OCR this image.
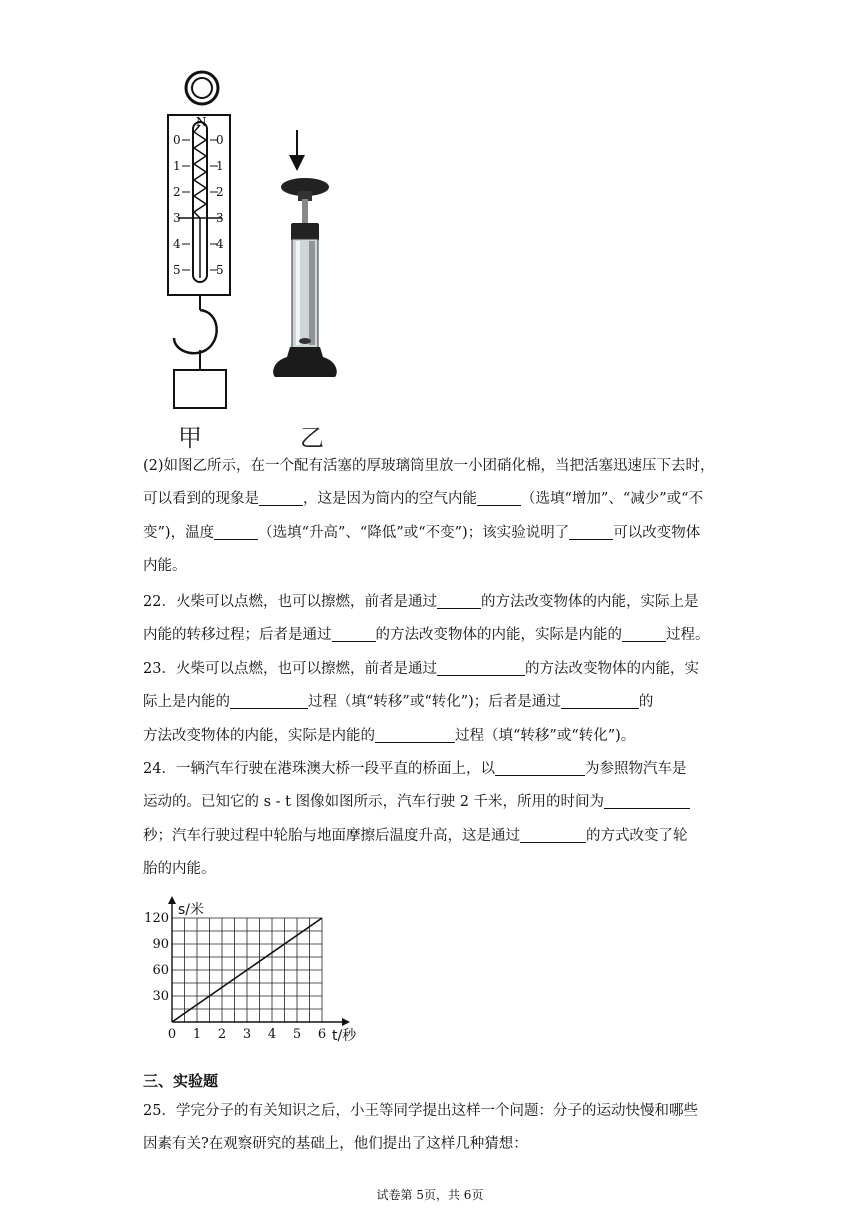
N
0
1
2
3
4
5
0
1
2
3
4
5
甲	乙
(2)如图乙所示，在一个配有活塞的厚玻璃筒里放一小团硝化棉，当把活塞迅速压下去时，
可以看到的现象是	，这是因为筒内的空气内能	（选填“增加”、“减少”或“不
变”)，温度	（选填“升高”、“降低”或“不变”)；该实验说明了	可以改变物体
内能。
22．火柴可以点燃，也可以擦燃，前者是通过	的方法改变物体的内能，实际上是
内能的转移过程；后者是通过	的方法改变物体的内能，实际是内能的	过程。
23．火柴可以点燃，也可以擦燃，前者是通过	的方法改变物体的内能，实
际上是内能的	过程（填“转移”或“转化”)；后者是通过	的
方法改变物体的内能，实际是内能的	过程（填“转移”或“转化”)。
24．一辆汽车行驶在港珠澳大桥一段平直的桥面上，以	为参照物汽车是
运动的。已知它的 s - t 图像如图所示，汽车行驶 2 千米，所用的时间为
秒；汽车行驶过程中轮胎与地面摩擦后温度升高，这是通过	的方式改变了轮
胎的内能。
0 1 2 3 4 5 6
30
60
90
120
s/米
t/秒
三、实验题
25．学完分子的有关知识之后，小王等同学提出这样一个问题：分子的运动快慢和哪些
因素有关?在观察研究的基础上，他们提出了这样几种猜想：
试卷第 5页，共 6页
